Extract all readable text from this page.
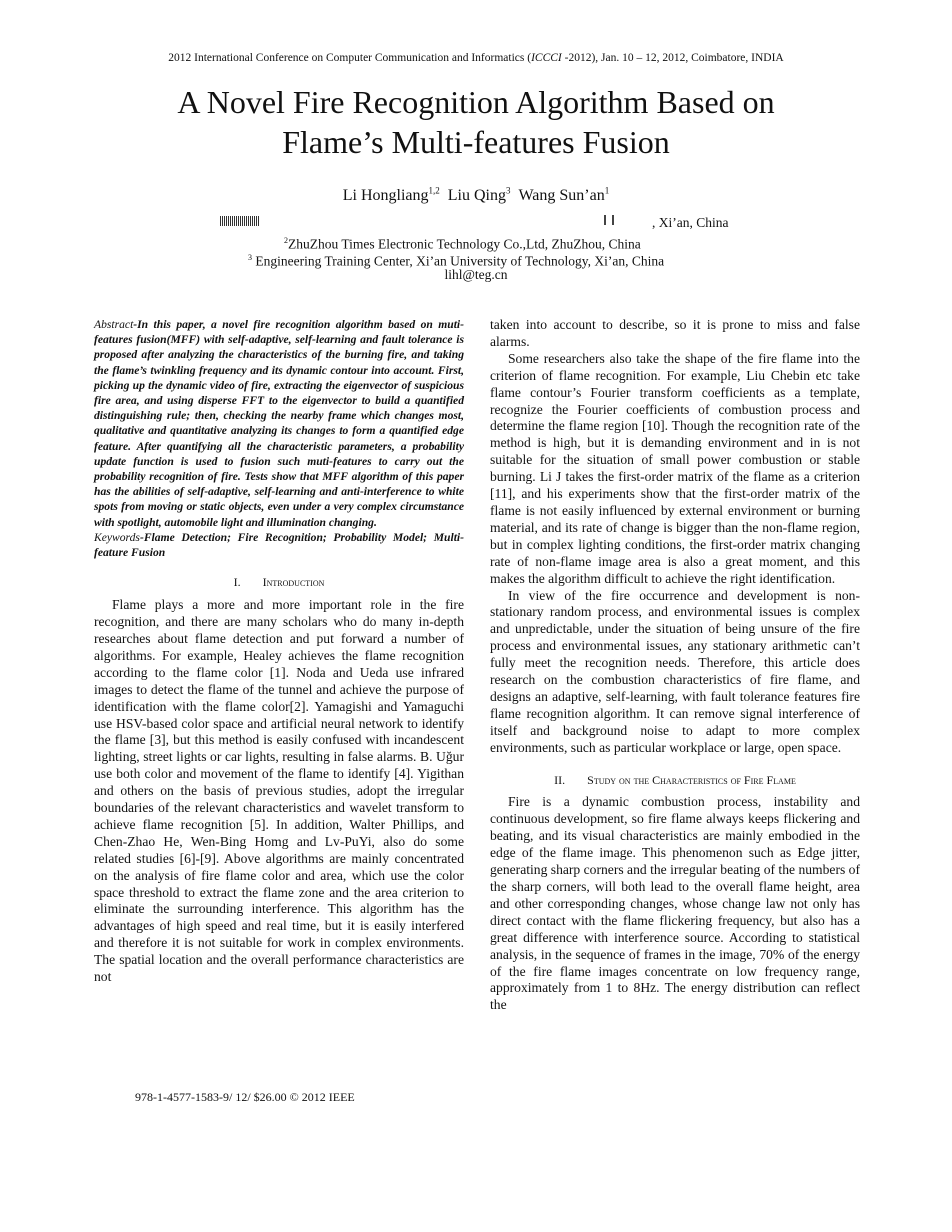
2012 International Conference on Computer Communication and Informatics (ICCCI -2012), Jan. 10 – 12, 2012, Coimbatore, INDIA
A Novel Fire Recognition Algorithm Based on
Flame’s Multi-features Fusion
Li Hongliang$^{1,2}$ Liu Qing$^3$ Wang $Sun’an^1$
, Xi’an, China
$^2$ZhuZhou Times Electronic Technology Co.,Ltd, ZhuZhou, China
$^3$ Engineering Training Center, Xi’an University of Technology, Xi’an, China
lihl@teg.cn

Abstract-In this paper, a novel fire recognition algorithm based on muti-features fusion(MFF) with self-adaptive, self-learning and fault tolerance is proposed after analyzing the characteristics of the burning fire, and taking the flame’s twinkling frequency and its dynamic contour into account. First, picking up the dynamic video of fire, extracting the eigenvector of suspicious fire area, and using disperse FFT to the eigenvector to build a quantified distinguishing rule; then, checking the nearby frame which changes most, qualitative and quantitative analyzing its changes to form a quantified edge feature. After quantifying all the characteristic parameters, a probability update function is used to fusion such muti-features to carry out the probability recognition of fire. Tests show that MFF algorithm of this paper has the abilities of self-adaptive, self-learning and anti-interference to white spots from moving or static objects, even under a very complex circumstance with spotlight, automobile light and illumination changing.

Keywords-Flame Detection; Fire Recognition; Probability Model; Multi-feature Fusion

I. Introduction

Flame plays a more and more important role in the fire recognition, and there are many scholars who do many in-depth researches about flame detection and put forward a number of algorithms. For example, Healey achieves the flame recognition according to the flame color [1]. Noda and Ueda use infrared images to detect the flame of the tunnel and achieve the purpose of identification with the flame color[2]. Yamagishi and Yamaguchi use HSV-based color space and artificial neural network to identify the flame [3], but this method is easily confused with incandescent lighting, street lights or car lights, resulting in false alarms. B. Uğur use both color and movement of the flame to identify [4]. Yigithan and others on the basis of previous studies, adopt the irregular boundaries of the relevant characteristics and wavelet transform to achieve flame recognition [5]. In addition, Walter Phillips, and Chen-Zhao He, Wen-Bing Homg and Lv-PuYi, also do some related studies [6]-[9]. Above algorithms are mainly concentrated on the analysis of fire flame color and area, which use the color space threshold to extract the flame zone and the area criterion to eliminate the surrounding interference. This algorithm has the advantages of high speed and real time, but it is easily interfered and therefore it is not suitable for work in complex environments. The spatial location and the overall performance characteristics are not

taken into account to describe, so it is prone to miss and false alarms.

Some researchers also take the shape of the fire flame into the criterion of flame recognition. For example, Liu Chebin etc take flame contour’s Fourier transform coefficients as a template, recognize the Fourier coefficients of combustion process and determine the flame region [10]. Though the recognition rate of the method is high, but it is demanding environment and in is not suitable for the situation of small power combustion or stable burning. Li J takes the first-order matrix of the flame as a criterion [11], and his experiments show that the first-order matrix of the flame is not easily influenced by external environment or burning material, and its rate of change is bigger than the non-flame region, but in complex lighting conditions, the first-order matrix changing rate of non-flame image area is also a great moment, and this makes the algorithm difficult to achieve the right identification.

In view of the fire occurrence and development is non-stationary random process, and environmental issues is complex and unpredictable, under the situation of being unsure of the fire process and environmental issues, any stationary arithmetic can’t fully meet the recognition needs. Therefore, this article does research on the combustion characteristics of fire flame, and designs an adaptive, self-learning, with fault tolerance features fire flame recognition algorithm. It can remove signal interference of itself and background noise to adapt to more complex environments, such as particular workplace or large, open space.

II. Study on the Characteristics of Fire Flame

Fire is a dynamic combustion process, instability and continuous development, so fire flame always keeps flickering and beating, and its visual characteristics are mainly embodied in the edge of the flame image. This phenomenon such as Edge jitter, generating sharp corners and the irregular beating of the numbers of the sharp corners, will both lead to the overall flame height, area and other corresponding changes, whose change law not only has direct contact with the flame flickering frequency, but also has a great difference with interference source. According to statistical analysis, in the sequence of frames in the image, 70% of the energy of the fire flame images concentrate on low frequency range, approximately from 1 to 8Hz. The energy distribution can reflect the

978-1-4577-1583-9/ 12/ $26.00 © 2012 IEEE
